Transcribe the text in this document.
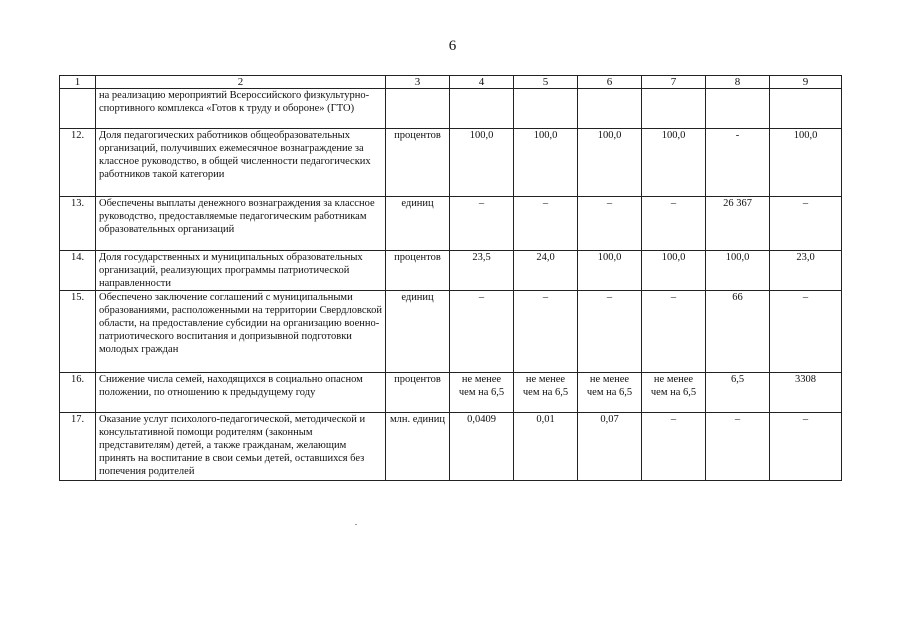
6
1	2	3	4	5	6	7	8	9
	на реализацию мероприятий Всероссийского физкультурно-спортивного комплекса «Готов к труду и обороне» (ГТО)							
12.	Доля педагогических работников общеобразовательных организаций, получивших ежемесячное вознаграждение за классное руководство, в общей численности педагогических работников такой категории	процентов	100,0	100,0	100,0	100,0	-	100,0
13.	Обеспечены выплаты денежного вознаграждения за классное руководство, предоставляемые педагогическим работникам образовательных организаций	единиц	–	–	–	–	26 367	–
14.	Доля государственных и муниципальных образовательных организаций, реализующих программы патриотической направленности	процентов	23,5	24,0	100,0	100,0	100,0	23,0
15.	Обеспечено заключение соглашений с муниципальными образованиями, расположенными на территории Свердловской области, на предоставление субсидии на организацию военно-патриотического воспитания и допризывной подготовки молодых граждан	единиц	–	–	–	–	66	–
16.	Снижение числа семей, находящихся в социально опасном положении, по отношению к предыдущему году	процентов	не менее чем на 6,5	не менее чем на 6,5	не менее чем на 6,5	не менее чем на 6,5	6,5	3308
17.	Оказание услуг психолого-педагогической, методической и консультативной помощи родителям (законным представителям) детей, а также гражданам, желающим принять на воспитание в свои семьи детей, оставшихся без попечения родителей	млн. единиц	0,0409	0,01	0,07	–	–	–
